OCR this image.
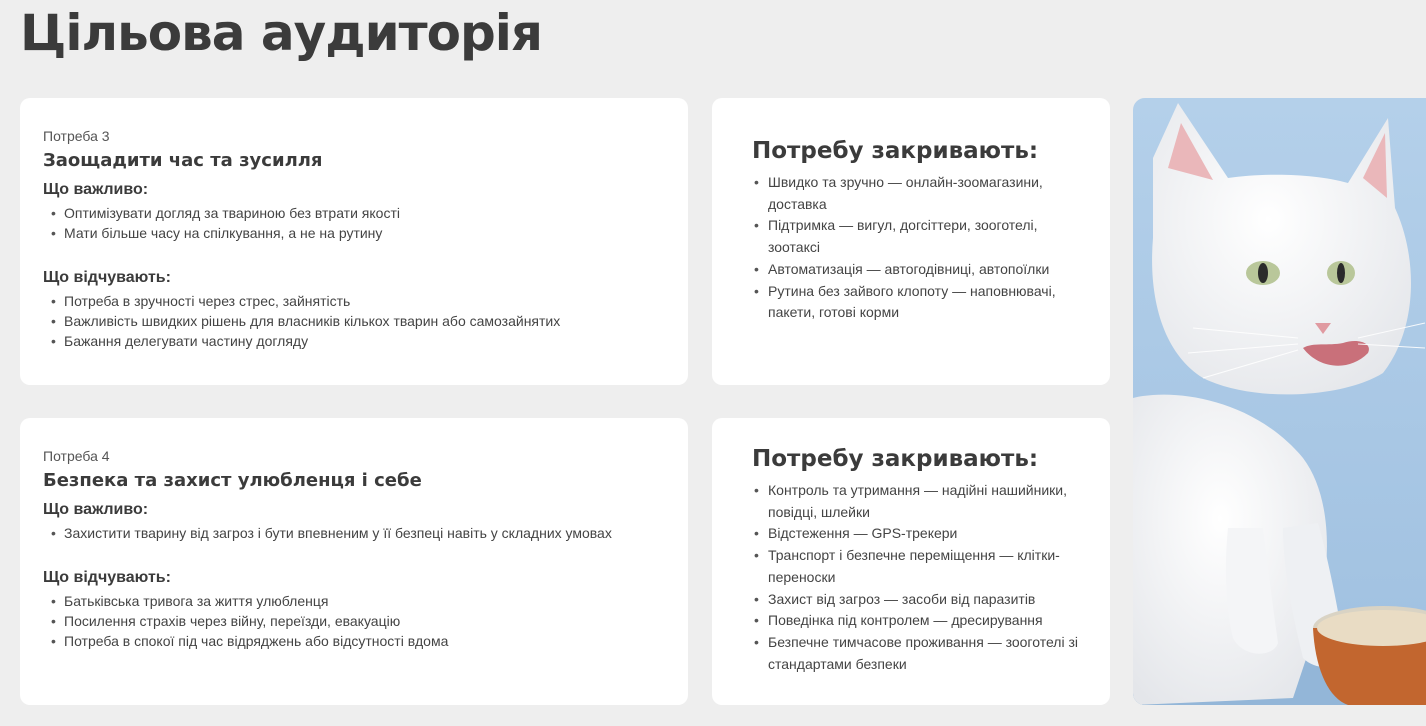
Цільова аудиторія

Потреба 3

Заощадити час та зусилля

Що важливо:

• Оптимізувати догляд за твариною без втрати якості
• Мати більше часу на спілкування, а не на рутину

Що відчувають:

• Потреба в зручності через стрес, зайнятість
• Важливість швидких рішень для власників кількох тварин або самозайнятих
• Бажання делегувати частину догляду

Потребу закривають:

• Швидко та зручно — онлайн-зоомагазини, доставка
• Підтримка — вигул, догсіттери, зооготелі, зоотаксі
• Автоматизація — автогодівниці, автопоїлки
• Рутина без зайвого клопоту — наповнювачі, пакети, готові корми

Потреба 4

Безпека та захист улюбленця і себе

Що важливо:

• Захистити тварину від загроз і бути впевненим у її безпеці навіть у складних умовах

Що відчувають:

• Батьківська тривога за життя улюбленця
• Посилення страхів через війну, переїзди, евакуацію
• Потреба в спокої під час відряджень або відсутності вдома

Потребу закривають:

• Контроль та утримання — надійні нашийники, повідці, шлейки
• Відстеження — GPS-трекери
• Транспорт і безпечне переміщення — клітки-переноски
• Захист від загроз — засоби від паразитів
• Поведінка під контролем — дресирування
• Безпечне тимчасове проживання — зооготелі зі стандартами безпеки
